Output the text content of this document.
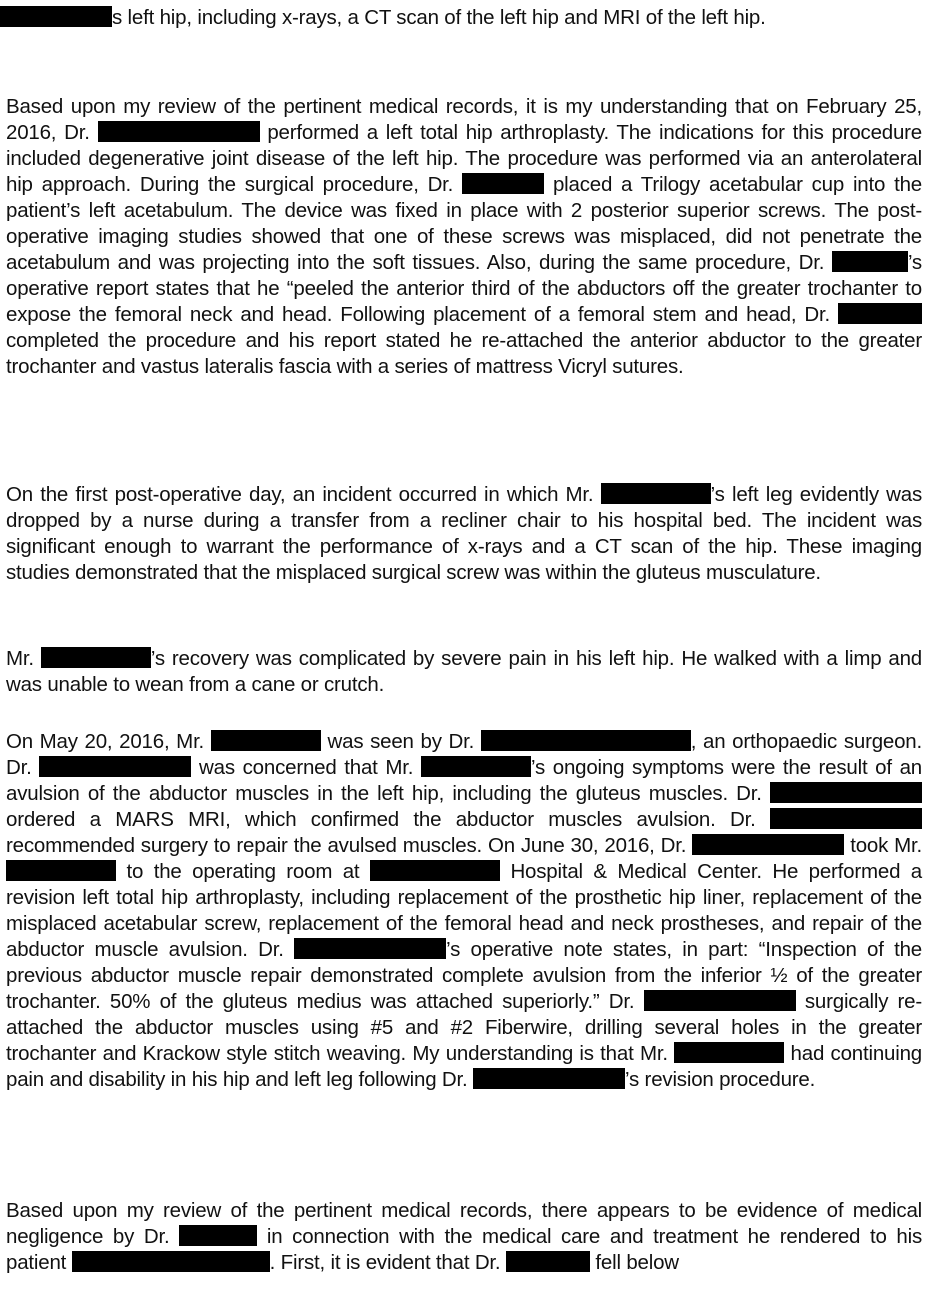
s left hip, including x-rays, a CT scan of the left hip and MRI of the left hip.

Based upon my review of the pertinent medical records, it is my understanding that on February 25, 2016, Dr.	performed a left total hip arthroplasty. The indications for this procedure included degenerative joint disease of the left hip. The procedure was performed via an anterolateral hip approach. During the surgical procedure, Dr.	placed a Trilogy acetabular cup into the patient’s left acetabulum. The device was fixed in place with 2 posterior superior screws. The post-operative imaging studies showed that one of these screws was misplaced, did not penetrate the acetabulum and was projecting into the soft tissues. Also, during the same procedure, Dr.	’s operative report states that he “peeled the anterior third of the abductors off the greater trochanter to expose the femoral neck and head. Following placement of a femoral stem and head, Dr.  completed the procedure and his report stated he re-attached the anterior abductor to the greater trochanter and vastus lateralis fascia with a series of mattress Vicryl sutures.

On the first post-operative day, an incident occurred in which Mr.	’s left leg evidently was dropped by a nurse during a transfer from a recliner chair to his hospital bed. The incident was significant enough to warrant the performance of x-rays and a CT scan of the hip. These imaging studies demonstrated that the misplaced surgical screw was within the gluteus musculature.

Mr.	’s recovery was complicated by severe pain in his left hip. He walked with a limp and was unable to wean from a cane or crutch.

On May 20, 2016, Mr.	was seen by Dr.	, an orthopaedic surgeon. Dr.	was concerned that Mr.	’s ongoing symptoms were the result of an avulsion of the abductor muscles in the left hip, including the gluteus muscles. Dr.  ordered a MARS MRI, which confirmed the abductor muscles avulsion. Dr.  recommended surgery to repair the avulsed muscles. On June 30, 2016, Dr.	took Mr.  to the operating room at	Hospital & Medical Center. He performed a revision left total hip arthroplasty, including replacement of the prosthetic hip liner, replacement of the misplaced acetabular screw, replacement of the femoral head and neck prostheses, and repair of the abductor muscle avulsion. Dr.	’s operative note states, in part: “Inspection of the previous abductor muscle repair demonstrated complete avulsion from the inferior ½ of the greater trochanter. 50% of the gluteus medius was attached superiorly.” Dr.	surgically re-attached the abductor muscles using #5 and #2 Fiberwire, drilling several holes in the greater trochanter and Krackow style stitch weaving. My understanding is that Mr.	had continuing pain and disability in his hip and left leg following Dr.	’s revision procedure.

Based upon my review of the pertinent medical records, there appears to be evidence of medical negligence by Dr.	in connection with the medical care and treatment he rendered to his patient	. First, it is evident that Dr.	fell below
